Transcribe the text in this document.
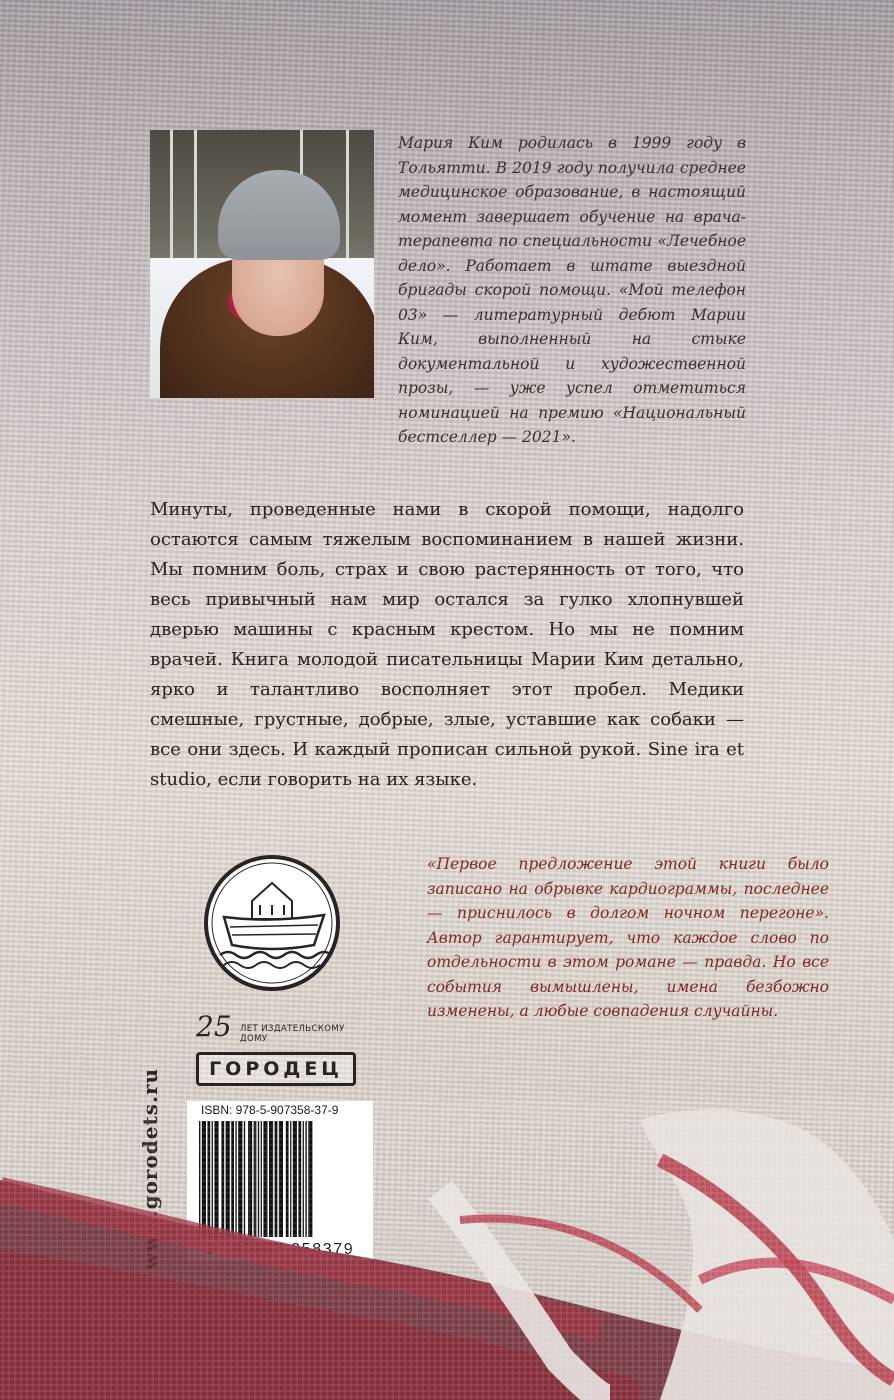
Мария Ким родилась в 1999 году в Тольятти. В 2019 году получила среднее медицинское образование, в настоящий момент завершает обучение на врача-терапевта по специальности «Лечебное дело». Работает в штате выездной бригады скорой помощи. «Мой телефон 03» — литературный дебют Марии Ким, выполненный на стыке документальной и художественной прозы, — уже успел отметиться номинацией на премию «Национальный бестселлер — 2021».

Минуты, проведенные нами в скорой помощи, надолго остаются самым тяжелым воспоминанием в нашей жизни. Мы помним боль, страх и свою растерянность от того, что весь привычный нам мир остался за гулко хлопнувшей дверью машины с красным крестом. Но мы не помним врачей. Книга молодой писательницы Марии Ким детально, ярко и талантливо восполняет этот пробел. Медики смешные, грустные, добрые, злые, уставшие как собаки — все они здесь. И каждый прописан сильной рукой. Sine ira et studio, если говорить на их языке.

«Первое предложение этой книги было записано на обрывке кардиограммы, последнее — приснилось в долгом ночном перегоне». Автор гарантирует, что каждое слово по отдельности в этом романе — правда. Но все события вымышлены, имена безбожно изменены, а любые совпадения случайны.

25 ЛЕТ ИЗДАТЕЛЬСКОМУ ДОМУ
ГОРОДЕЦ
